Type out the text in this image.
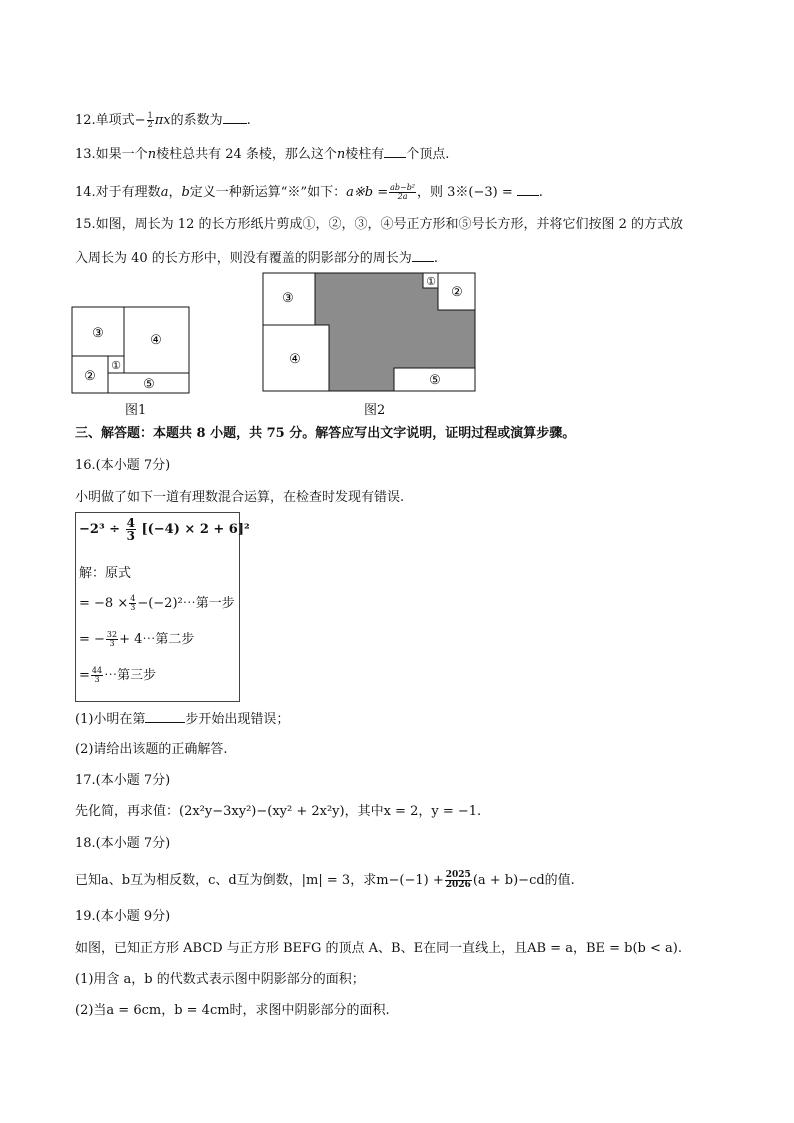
12.单项式− $\frac{1}{2}$ πx的系数为 .
13.如果一个n棱柱总共有 24 条棱，那么这个n棱柱有 个顶点.
14.对于有理数a，b定义一种新运算“※”如下：a※b = $\frac{\text{ab−b²}}{2a}$ ，则 3※(−3) = .
15.如图，周长为 12 的长方形纸片剪成①，②，③，④号正方形和⑤号长方形，并将它们按图 2 的方式放
入周长为 40 的长方形中，则没有覆盖的阴影部分的周长为 .
③	④
②
①
⑤
图1
③
④
②
①
⑤
图2
三、解答题：本题共 8 小题，共 75 分。解答应写出文字说明，证明过程或演算步骤。
16.(本小题 7分)
小明做了如下一道有理数混合运算，在检查时发现有错误.
$-2^3 \div \frac{4}{3} [(-4) \times 2 + 6]^2$
解：原式
= $-8 \times \frac{4}{3}$ −(−2)²⋯第一步
= − $\frac{32}{3}$ + 4⋯第二步
= $\frac{44}{3}$ ⋯第三步
(1)小明在第	步开始出现错误；
(2)请给出该题的正确解答.
17.(本小题 7分)
先化简，再求值：(2x²y−3xy²)−(xy² + 2x²y)，其中x = 2，y = −1.
18.(本小题 7分)
已知a、b互为相反数，c、d互为倒数，|m| = 3，求$m-(-1) + \frac{2025}{2026} (a + b)-cd$的值.
19.(本小题 9分)
如图，已知正方形 ABCD 与正方形 BEFG 的顶点 A、B、E在同一直线上，且AB = a，BE = b(b < a).
(1)用含 a，b 的代数式表示图中阴影部分的面积；
(2)当a = 6cm，b = 4cm时，求图中阴影部分的面积.
